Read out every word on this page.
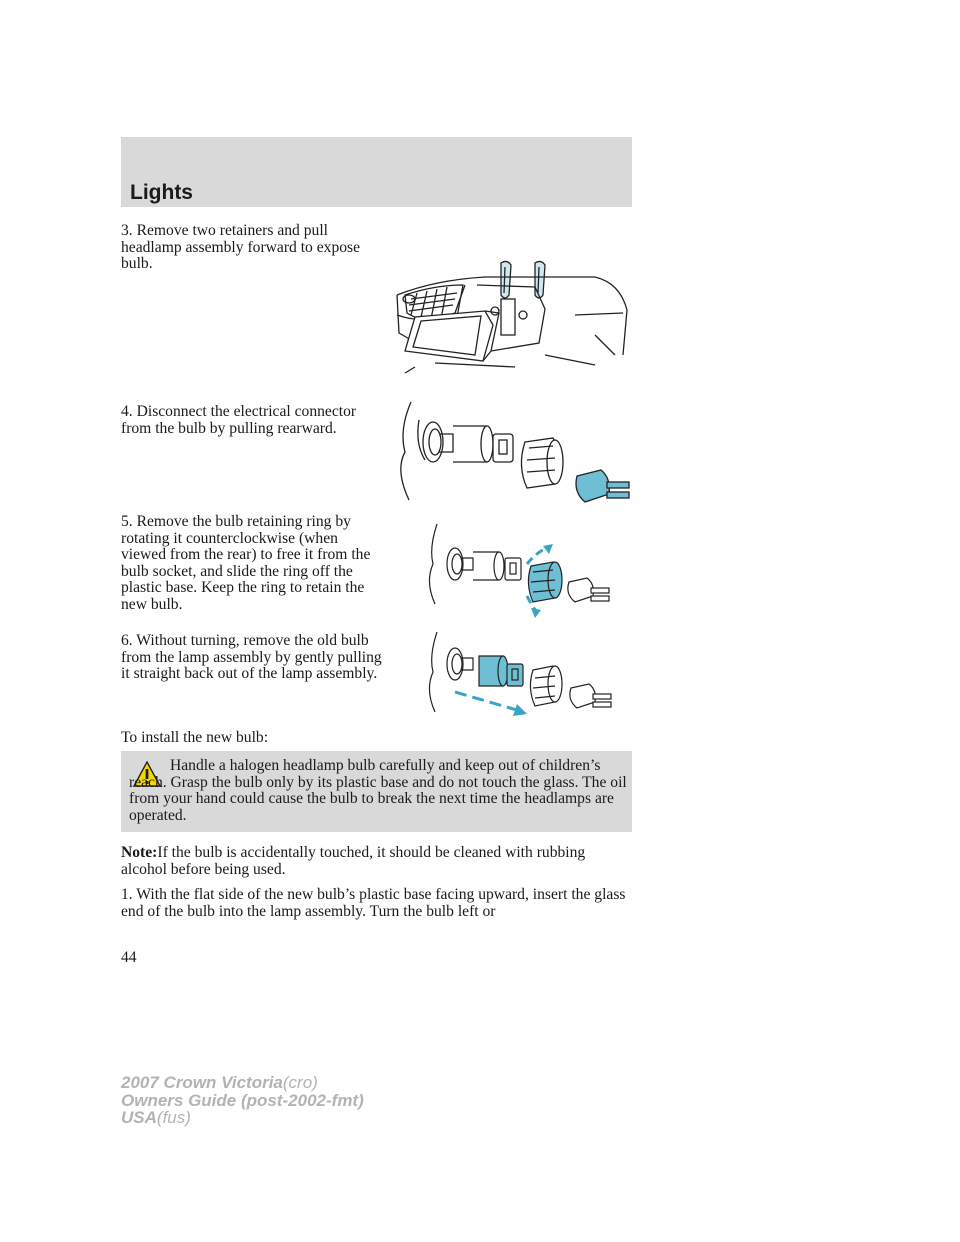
Lights

3. Remove two retainers and pull headlamp assembly forward to expose bulb.

4. Disconnect the electrical connector from the bulb by pulling rearward.

5. Remove the bulb retaining ring by rotating it counterclockwise (when viewed from the rear) to free it from the bulb socket, and slide the ring off the plastic base. Keep the ring to retain the new bulb.

6. Without turning, remove the old bulb from the lamp assembly by gently pulling it straight back out of the lamp assembly.

To install the new bulb:

Handle a halogen headlamp bulb carefully and keep out of children’s reach. Grasp the bulb only by its plastic base and do not touch the glass. The oil from your hand could cause the bulb to break the next time the headlamps are operated.

Note:If the bulb is accidentally touched, it should be cleaned with rubbing alcohol before being used.

1. With the flat side of the new bulb’s plastic base facing upward, insert the glass end of the bulb into the lamp assembly. Turn the bulb left or

44
2007 Crown Victoria(cro)
Owners Guide (post-2002-fmt)
USA(fus)
